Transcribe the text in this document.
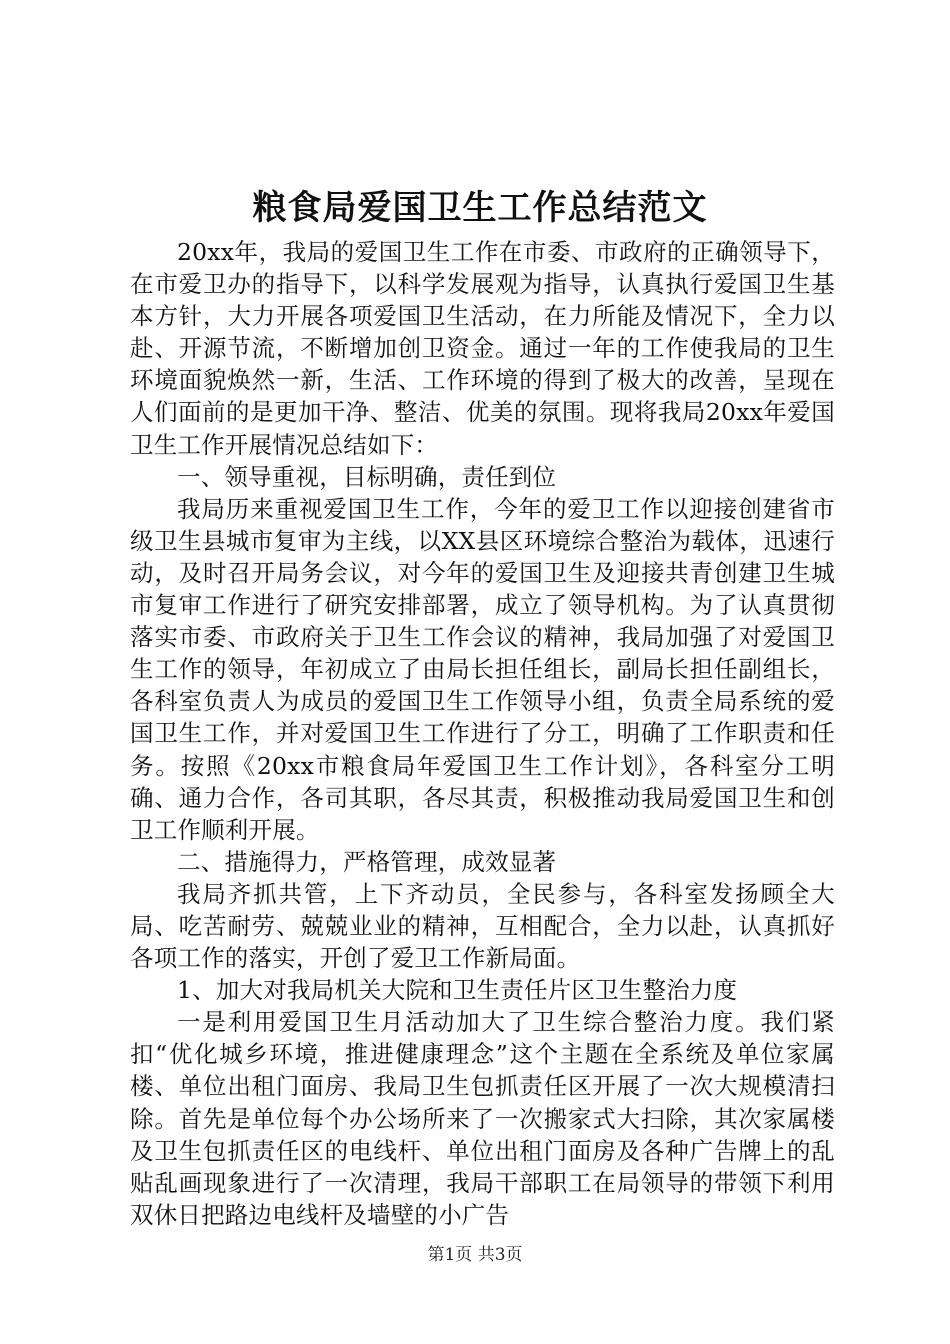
粮食局爱国卫生工作总结范文

20xx年，我局的爱国卫生工作在市委、市政府的正确领导下，在市爱卫办的指导下，以科学发展观为指导，认真执行爱国卫生基本方针，大力开展各项爱国卫生活动，在力所能及情况下，全力以赴、开源节流，不断增加创卫资金。通过一年的工作使我局的卫生环境面貌焕然一新，生活、工作环境的得到了极大的改善，呈现在人们面前的是更加干净、整洁、优美的氛围。现将我局20xx年爱国卫生工作开展情况总结如下：

一、领导重视，目标明确，责任到位

我局历来重视爱国卫生工作，今年的爱卫工作以迎接创建省市级卫生县城市复审为主线，以XX县区环境综合整治为载体，迅速行动，及时召开局务会议，对今年的爱国卫生及迎接共青创建卫生城市复审工作进行了研究安排部署，成立了领导机构。为了认真贯彻落实市委、市政府关于卫生工作会议的精神，我局加强了对爱国卫生工作的领导，年初成立了由局长担任组长，副局长担任副组长，各科室负责人为成员的爱国卫生工作领导小组，负责全局系统的爱国卫生工作，并对爱国卫生工作进行了分工，明确了工作职责和任务。按照《20xx市粮食局年爱国卫生工作计划》，各科室分工明确、通力合作，各司其职，各尽其责，积极推动我局爱国卫生和创卫工作顺利开展。

二、措施得力，严格管理，成效显著

我局齐抓共管，上下齐动员，全民参与，各科室发扬顾全大局、吃苦耐劳、兢兢业业的精神，互相配合，全力以赴，认真抓好各项工作的落实，开创了爱卫工作新局面。

1、加大对我局机关大院和卫生责任片区卫生整治力度

一是利用爱国卫生月活动加大了卫生综合整治力度。我们紧扣“优化城乡环境，推进健康理念”这个主题在全系统及单位家属楼、单位出租门面房、我局卫生包抓责任区开展了一次大规模清扫除。首先是单位每个办公场所来了一次搬家式大扫除，其次家属楼及卫生包抓责任区的电线杆、单位出租门面房及各种广告牌上的乱贴乱画现象进行了一次清理，我局干部职工在局领导的带领下利用双休日把路边电线杆及墙壁的小广告

第1页 共3页
